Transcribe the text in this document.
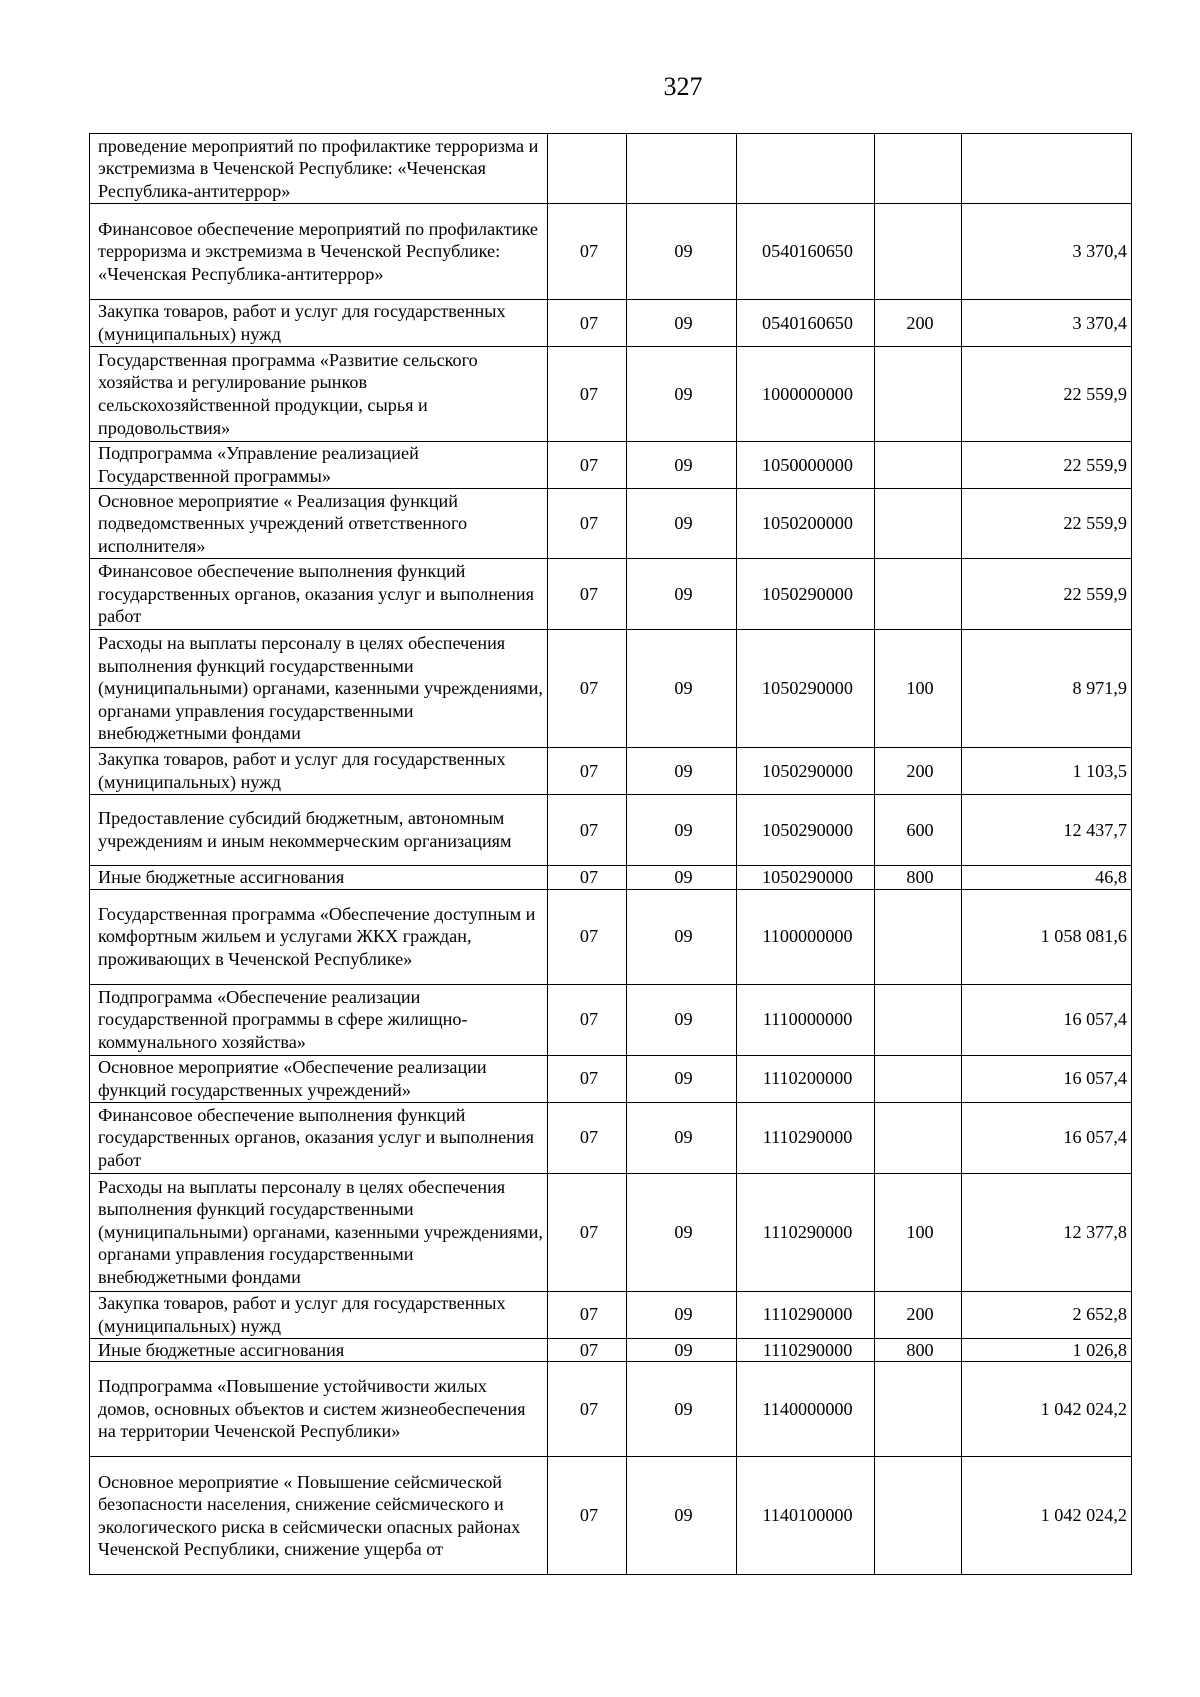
327
проведение мероприятий по профилактике терроризма и экстремизма в Чеченской Республике: «Чеченская Республика-антитеррор»					
Финансовое обеспечение мероприятий по профилактике терроризма и экстремизма в Чеченской Республике: «Чеченская Республика-антитеррор»	07	09	0540160650		3 370,4
Закупка товаров, работ и услуг для государственных (муниципальных) нужд	07	09	0540160650	200	3 370,4
Государственная программа «Развитие сельского хозяйства и регулирование рынков сельскохозяйственной продукции, сырья и продовольствия»	07	09	1000000000		22 559,9
Подпрограмма «Управление реализацией Государственной программы»	07	09	1050000000		22 559,9
Основное мероприятие « Реализация функций подведомственных учреждений ответственного исполнителя»	07	09	1050200000		22 559,9
Финансовое обеспечение выполнения функций государственных органов, оказания услуг и выполнения работ	07	09	1050290000		22 559,9
Расходы на выплаты персоналу в целях обеспечения выполнения функций государственными (муниципальными) органами, казенными учреждениями, органами управления государственными внебюджетными фондами	07	09	1050290000	100	8 971,9
Закупка товаров, работ и услуг для государственных (муниципальных) нужд	07	09	1050290000	200	1 103,5
Предоставление субсидий бюджетным, автономным учреждениям и иным некоммерческим организациям	07	09	1050290000	600	12 437,7
Иные бюджетные ассигнования	07	09	1050290000	800	46,8
Государственная программа «Обеспечение доступным и комфортным жильем и услугами ЖКХ граждан, проживающих в Чеченской Республике»	07	09	1100000000		1 058 081,6
Подпрограмма «Обеспечение реализации государственной программы в сфере жилищно-коммунального хозяйства»	07	09	1110000000		16 057,4
Основное мероприятие «Обеспечение реализации функций государственных учреждений»	07	09	1110200000		16 057,4
Финансовое обеспечение выполнения функций государственных органов, оказания услуг и выполнения работ	07	09	1110290000		16 057,4
Расходы на выплаты персоналу в целях обеспечения выполнения функций государственными (муниципальными) органами, казенными учреждениями, органами управления государственными внебюджетными фондами	07	09	1110290000	100	12 377,8
Закупка товаров, работ и услуг для государственных (муниципальных) нужд	07	09	1110290000	200	2 652,8
Иные бюджетные ассигнования	07	09	1110290000	800	1 026,8
Подпрограмма «Повышение устойчивости жилых домов, основных объектов и систем жизнеобеспечения на территории Чеченской Республики»	07	09	1140000000		1 042 024,2
Основное мероприятие « Повышение сейсмической безопасности населения, снижение сейсмического и экологического риска в сейсмически опасных районах Чеченской Республики, снижение ущерба от	07	09	1140100000		1 042 024,2
